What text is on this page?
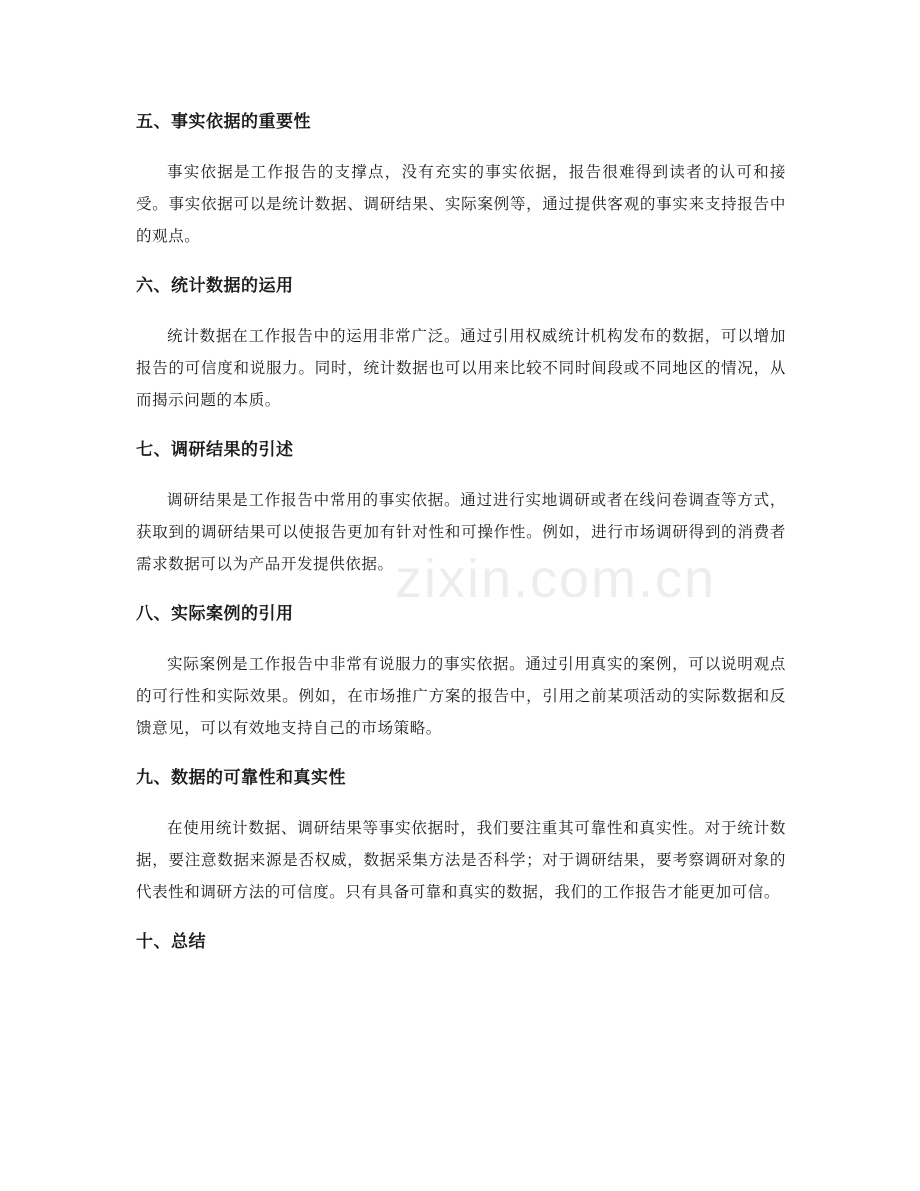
五、事实依据的重要性

事实依据是工作报告的支撑点，没有充实的事实依据，报告很难得到读者的认可和接受。事实依据可以是统计数据、调研结果、实际案例等，通过提供客观的事实来支持报告中的观点。

六、统计数据的运用

统计数据在工作报告中的运用非常广泛。通过引用权威统计机构发布的数据，可以增加报告的可信度和说服力。同时，统计数据也可以用来比较不同时间段或不同地区的情况，从而揭示问题的本质。

七、调研结果的引述

调研结果是工作报告中常用的事实依据。通过进行实地调研或者在线问卷调查等方式，获取到的调研结果可以使报告更加有针对性和可操作性。例如，进行市场调研得到的消费者需求数据可以为产品开发提供依据。

八、实际案例的引用

实际案例是工作报告中非常有说服力的事实依据。通过引用真实的案例，可以说明观点的可行性和实际效果。例如，在市场推广方案的报告中，引用之前某项活动的实际数据和反馈意见，可以有效地支持自己的市场策略。

九、数据的可靠性和真实性

在使用统计数据、调研结果等事实依据时，我们要注重其可靠性和真实性。对于统计数据，要注意数据来源是否权威，数据采集方法是否科学；对于调研结果，要考察调研对象的代表性和调研方法的可信度。只有具备可靠和真实的数据，我们的工作报告才能更加可信。

十、总结
zixin.com.cn
